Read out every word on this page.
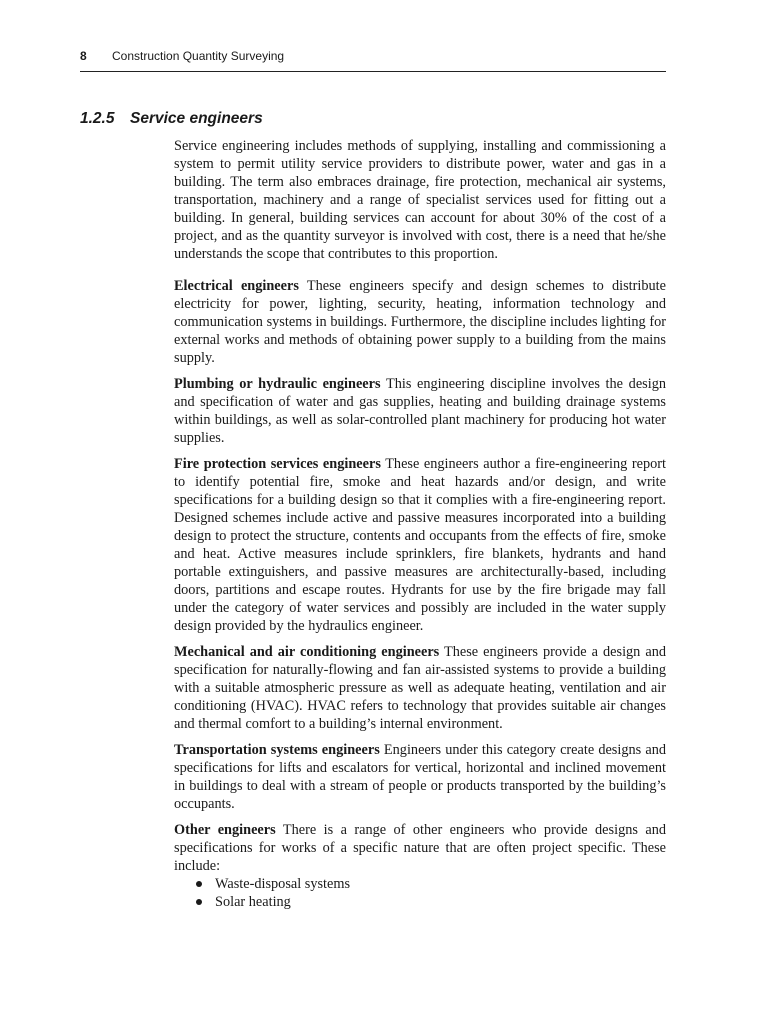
8 Construction Quantity Surveying
1.2.5 Service engineers

Service engineering includes methods of supplying, installing and commissioning a system to permit utility service providers to distribute power, water and gas in a building. The term also embraces drainage, fire protection, mechanical air systems, transportation, machinery and a range of specialist services used for fitting out a building. In general, building services can account for about 30% of the cost of a project, and as the quantity surveyor is involved with cost, there is a need that he/she understands the scope that contributes to this proportion.

Electrical engineers These engineers specify and design schemes to distribute electricity for power, lighting, security, heating, information technology and communication systems in buildings. Furthermore, the discipline includes lighting for external works and methods of obtaining power supply to a building from the mains supply.

Plumbing or hydraulic engineers This engineering discipline involves the design and specification of water and gas supplies, heating and building drainage systems within buildings, as well as solar-controlled plant machinery for producing hot water supplies.

Fire protection services engineers These engineers author a fire-engineering report to identify potential fire, smoke and heat hazards and/or design, and write specifications for a building design so that it complies with a fire-engineering report. Designed schemes include active and passive measures incorporated into a building design to protect the structure, contents and occupants from the effects of fire, smoke and heat. Active measures include sprinklers, fire blankets, hydrants and hand portable extinguishers, and passive measures are architecturally-based, including doors, partitions and escape routes. Hydrants for use by the fire brigade may fall under the category of water services and possibly are included in the water supply design provided by the hydraulics engineer.

Mechanical and air conditioning engineers These engineers provide a design and specification for naturally-flowing and fan air-assisted systems to provide a building with a suitable atmospheric pressure as well as adequate heating, ventilation and air conditioning (HVAC). HVAC refers to technology that provides suitable air changes and thermal comfort to a building’s internal environment.

Transportation systems engineers Engineers under this category create designs and specifications for lifts and escalators for vertical, horizontal and inclined movement in buildings to deal with a stream of people or products transported by the building’s occupants.

Other engineers There is a range of other engineers who provide designs and specifications for works of a specific nature that are often project specific. These include:

Waste-disposal systems
Solar heating
